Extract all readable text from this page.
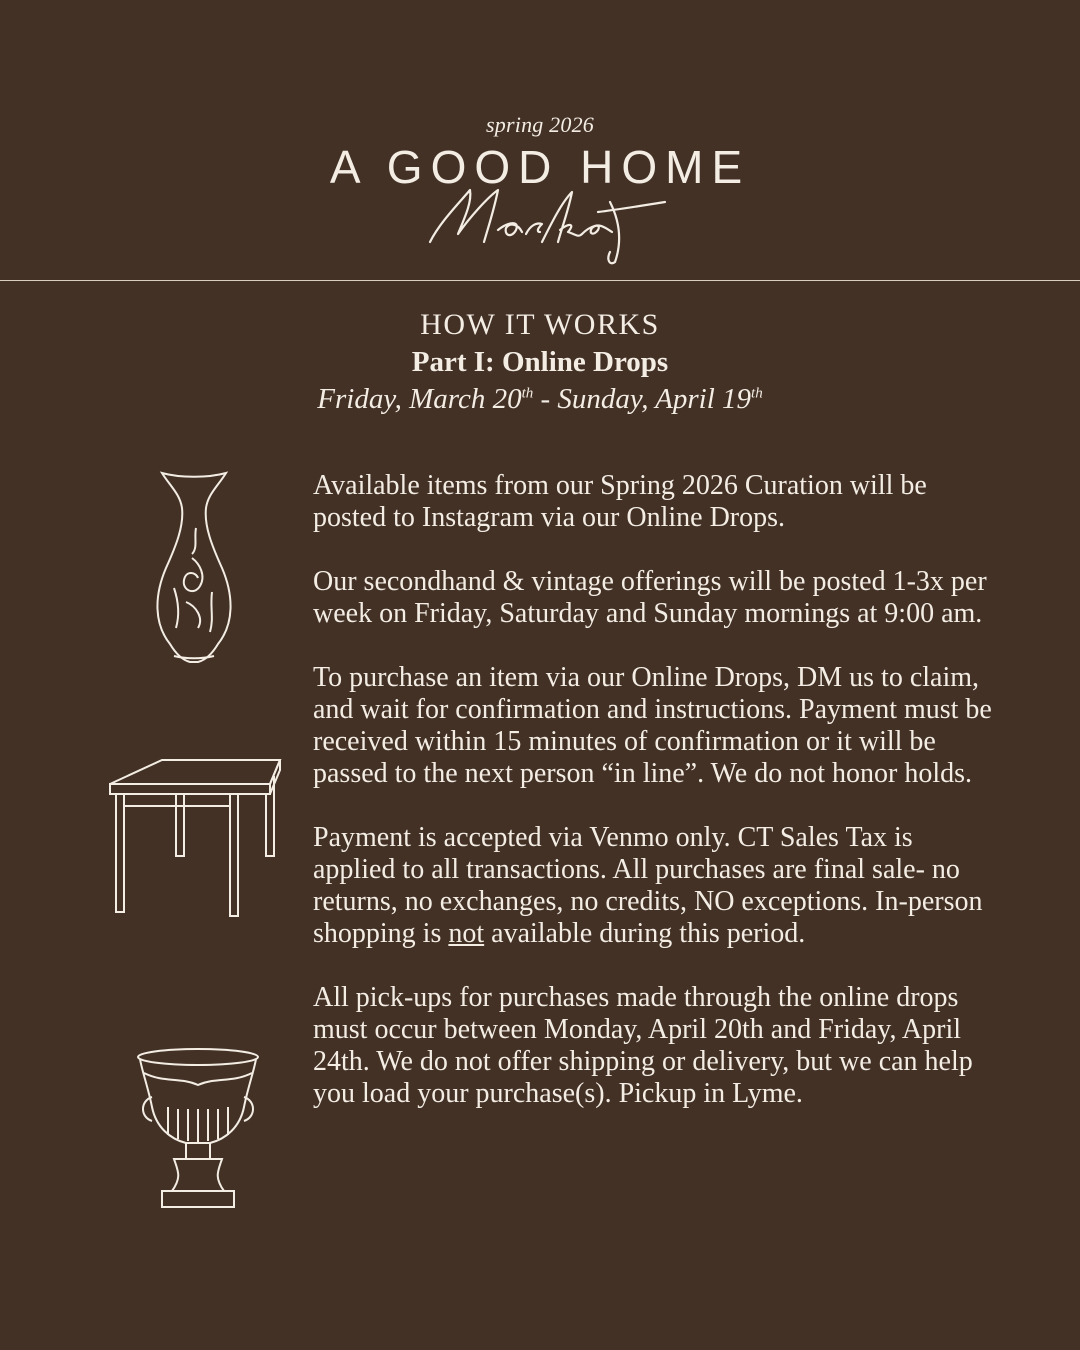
spring 2026
A GOOD HOME
HOW IT WORKS
Part I: Online Drops
Friday, March 20th - Sunday, April 19th

Available items from our Spring 2026 Curation will be posted to Instagram via our Online Drops.

Our secondhand & vintage offerings will be posted 1-3x per week on Friday, Saturday and Sunday mornings at 9:00 am.

To purchase an item via our Online Drops, DM us to claim, and wait for confirmation and instructions. Payment must be received within 15 minutes of confirmation or it will be passed to the next person “in line”. We do not honor holds.

Payment is accepted via Venmo only. CT Sales Tax is applied to all transactions. All purchases are final sale- no returns, no exchanges, no credits, NO exceptions. In-person shopping is not available during this period.

All pick-ups for purchases made through the online drops must occur between Monday, April 20th and Friday, April 24th. We do not offer shipping or delivery, but we can help you load your purchase(s). Pickup in Lyme.
